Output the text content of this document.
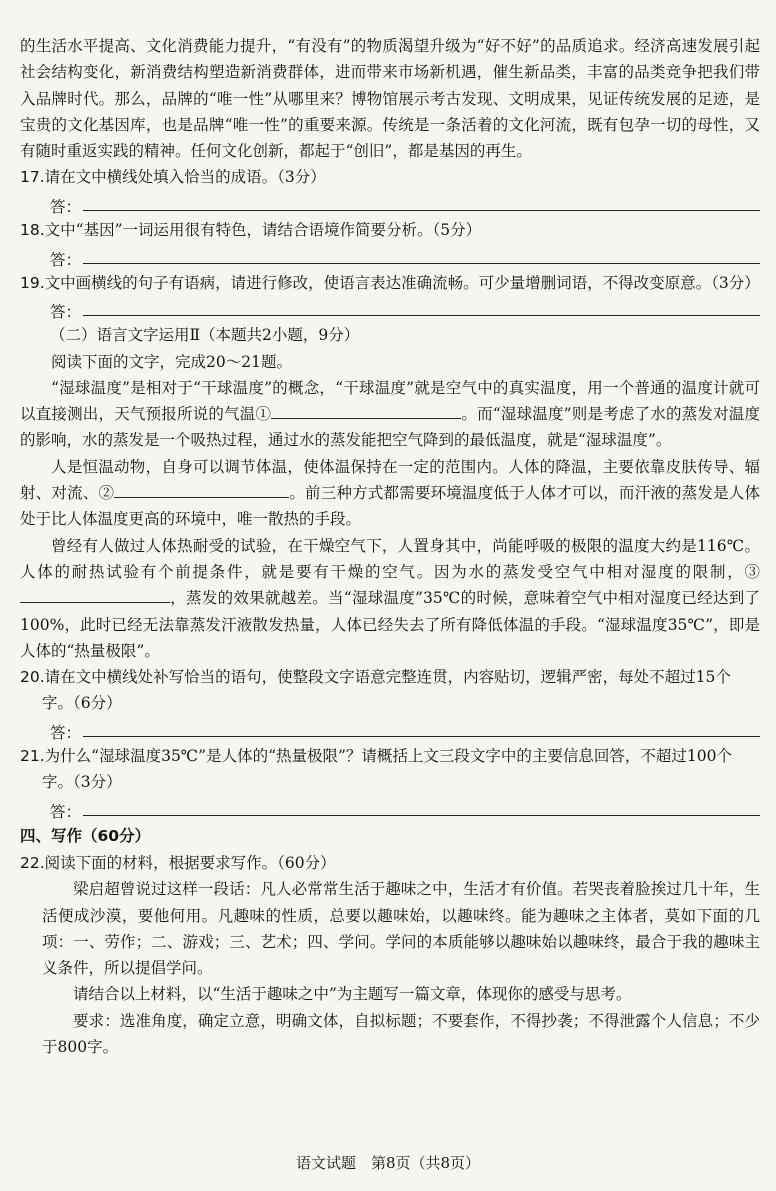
的生活水平提高、文化消费能力提升，“有没有”的物质渴望升级为“好不好”的品质追求。经济高速发展引起社会结构变化，新消费结构塑造新消费群体，进而带来市场新机遇，催生新品类，丰富的品类竞争把我们带入品牌时代。那么，品牌的“唯一性”从哪里来？博物馆展示考古发现、文明成果，见证传统发展的足迹，是宝贵的文化基因库，也是品牌“唯一性”的重要来源。传统是一条活着的文化河流，既有包孕一切的母性，又有随时重返实践的精神。任何文化创新，都起于“创旧”，都是基因的再生。
17.请在文中横线处填入恰当的成语。（3分）
答：
18.文中“基因”一词运用很有特色，请结合语境作简要分析。（5分）
答：
19.文中画横线的句子有语病，请进行修改，使语言表达准确流畅。可少量增删词语，不得改变原意。（3分）
答：
（二）语言文字运用Ⅱ（本题共2小题，9分）
阅读下面的文字，完成20～21题。
“湿球温度”是相对于“干球温度”的概念，“干球温度”就是空气中的真实温度，用一个普通的温度计就可以直接测出，天气预报所说的气温①	。而“湿球温度”则是考虑了水的蒸发对温度的影响，水的蒸发是一个吸热过程，通过水的蒸发能把空气降到的最低温度，就是“湿球温度”。
人是恒温动物，自身可以调节体温，使体温保持在一定的范围内。人体的降温，主要依靠皮肤传导、辐射、对流、②	。前三种方式都需要环境温度低于人体才可以，而汗液的蒸发是人体处于比人体温度更高的环境中，唯一散热的手段。
曾经有人做过人体热耐受的试验，在干燥空气下，人置身其中，尚能呼吸的极限的温度大约是116℃。人体的耐热试验有个前提条件，就是要有干燥的空气。因为水的蒸发受空气中相对湿度的限制，③，蒸发的效果就越差。当“湿球温度”35℃的时候，意味着空气中相对湿度已经达到了100%，此时已经无法靠蒸发汗液散发热量，人体已经失去了所有降低体温的手段。“湿球温度35℃”，即是人体的“热量极限”。
20.请在文中横线处补写恰当的语句，使整段文字语意完整连贯，内容贴切，逻辑严密，每处不超过15个字。（6分）
答：
21.为什么“湿球温度35℃”是人体的“热量极限”？请概括上文三段文字中的主要信息回答，不超过100个字。（3分）
答：
四、写作（60分）
22.阅读下面的材料，根据要求写作。（60分）
梁启超曾说过这样一段话：凡人必常常生活于趣味之中，生活才有价值。若哭丧着脸挨过几十年，生活便成沙漠，要他何用。凡趣味的性质，总要以趣味始，以趣味终。能为趣味之主体者，莫如下面的几项：一、劳作；二、游戏；三、艺术；四、学问。学问的本质能够以趣味始以趣味终，最合于我的趣味主义条件，所以提倡学问。
请结合以上材料，以“生活于趣味之中”为主题写一篇文章，体现你的感受与思考。
要求：选准角度，确定立意，明确文体，自拟标题；不要套作，不得抄袭；不得泄露个人信息；不少于800字。
语文试题　第8页（共8页）
